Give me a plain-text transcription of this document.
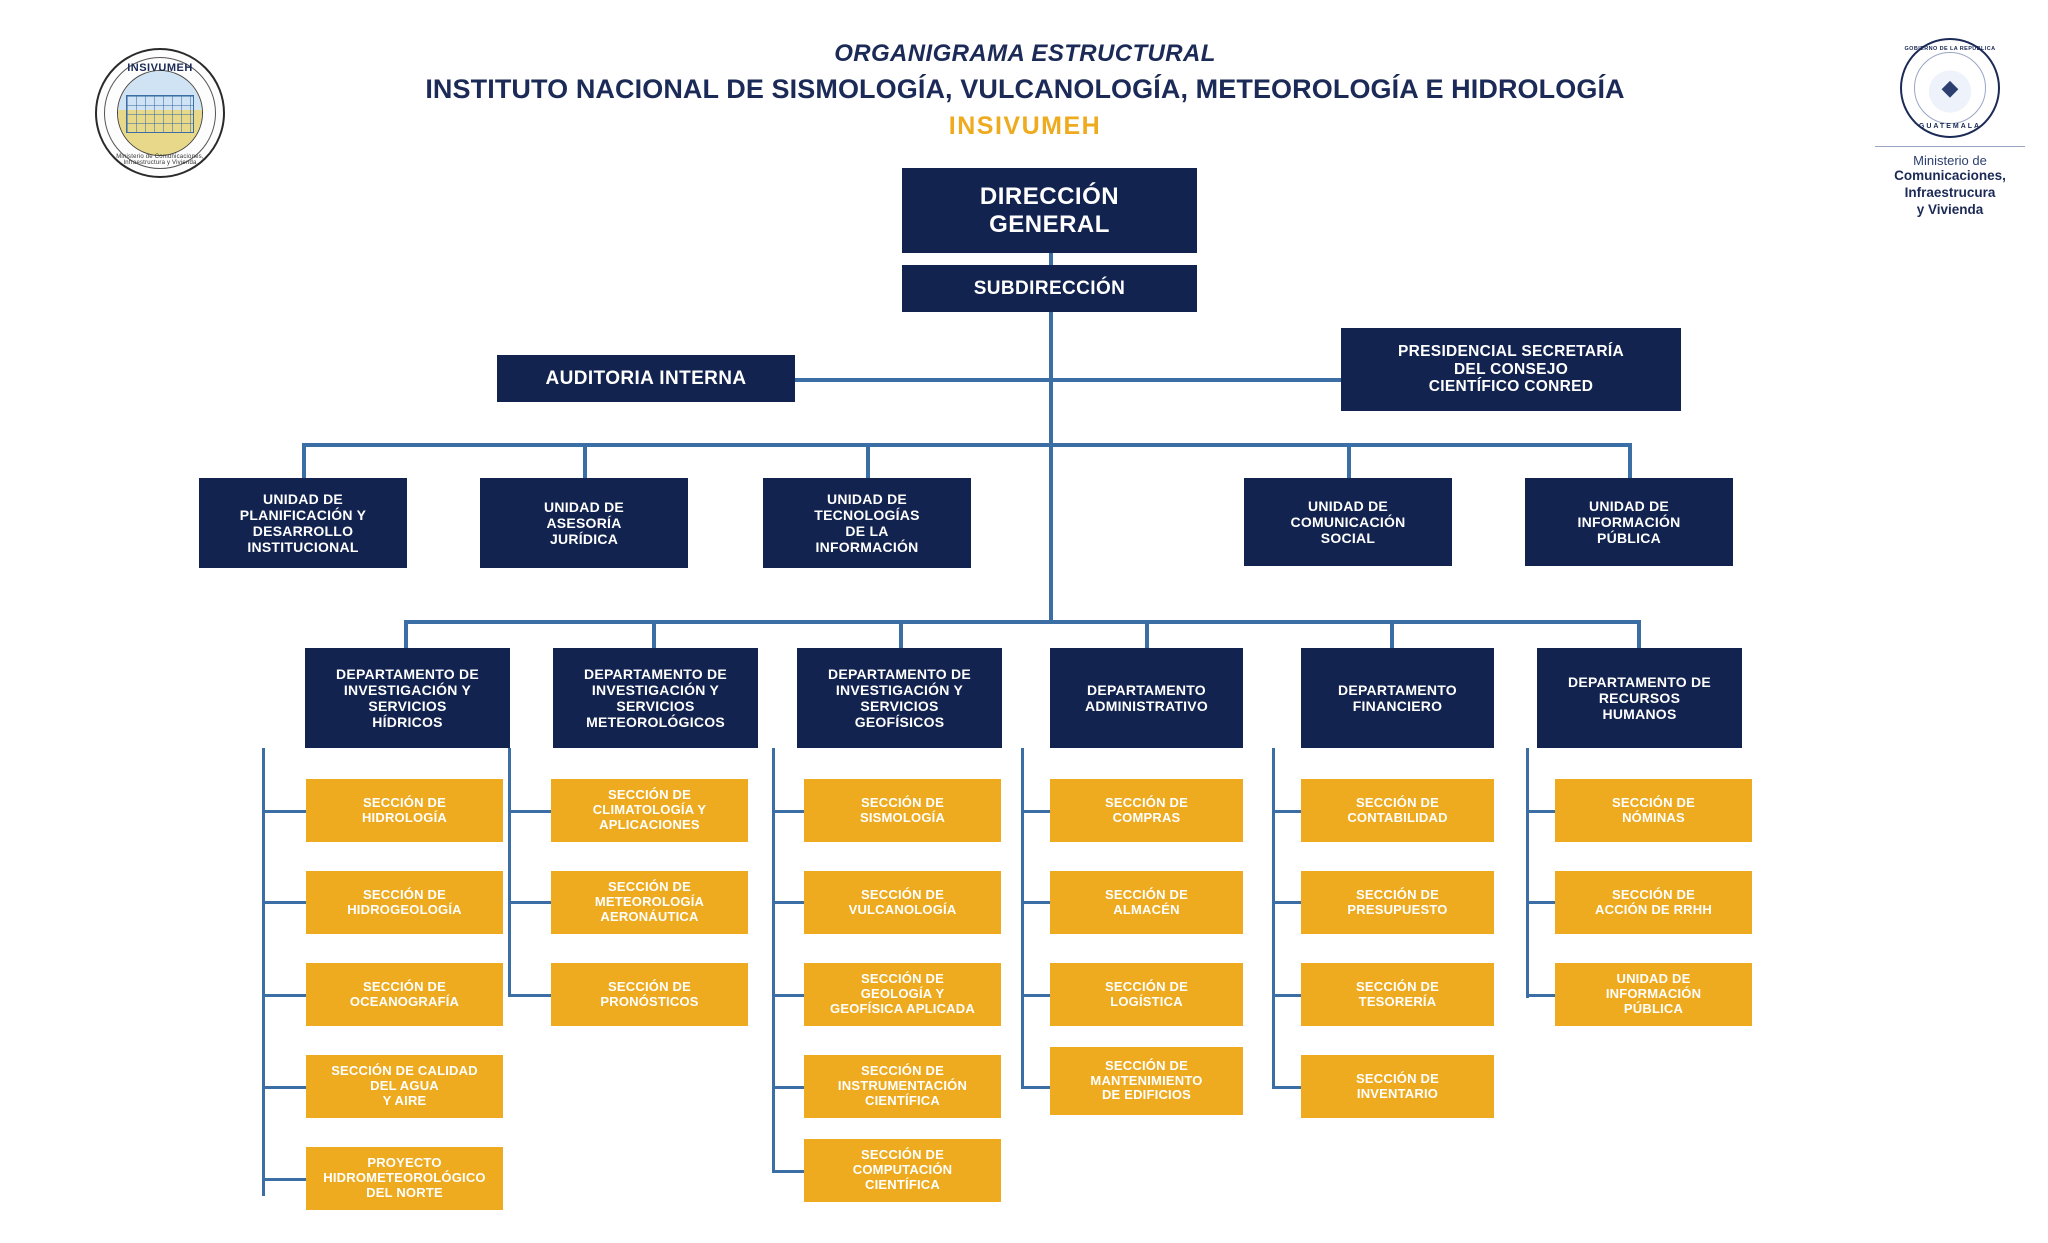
INSIVUMEH
Ministerio de Comunicaciones, Infraestructura y Vivienda
ORGANIGRAMA ESTRUCTURAL
INSTITUTO NACIONAL DE SISMOLOGÍA, VULCANOLOGÍA, METEOROLOGÍA E HIDROLOGÍA
INSIVUMEH
◆
GOBIERNO DE LA REPÚBLICA
GUATEMALA
Ministerio de
Comunicaciones,
Infraestrucura
y Vivienda
DIRECCIÓN
GENERAL
SUBDIRECCIÓN
AUDITORIA INTERNA
PRESIDENCIAL SECRETARÍA
DEL CONSEJO
CIENTÍFICO CONRED
UNIDAD DE
PLANIFICACIÓN Y
DESARROLLO
INSTITUCIONAL
UNIDAD DE
ASESORÍA
JURÍDICA
UNIDAD DE
TECNOLOGÍAS
DE LA
INFORMACIÓN
UNIDAD DE
COMUNICACIÓN
SOCIAL
UNIDAD DE
INFORMACIÓN
PÚBLICA
DEPARTAMENTO DE
INVESTIGACIÓN Y
SERVICIOS
HÍDRICOS
SECCIÓN DE
HIDROLOGÍA
SECCIÓN DE
HIDROGEOLOGÍA
SECCIÓN DE
OCEANOGRAFÍA
SECCIÓN DE CALIDAD
DEL AGUA
Y AIRE
PROYECTO
HIDROMETEOROLÓGICO
DEL NORTE
DEPARTAMENTO DE
INVESTIGACIÓN Y
SERVICIOS
METEOROLÓGICOS
SECCIÓN DE
CLIMATOLOGÍA Y
APLICACIONES
SECCIÓN DE
METEOROLOGÍA
AERONÁUTICA
SECCIÓN DE
PRONÓSTICOS
DEPARTAMENTO DE
INVESTIGACIÓN Y
SERVICIOS
GEOFÍSICOS
SECCIÓN DE
SISMOLOGÍA
SECCIÓN DE
VULCANOLOGÍA
SECCIÓN DE
GEOLOGÍA Y
GEOFÍSICA APLICADA
SECCIÓN DE
INSTRUMENTACIÓN
CIENTÍFICA
SECCIÓN DE
COMPUTACIÓN
CIENTÍFICA
DEPARTAMENTO
ADMINISTRATIVO
SECCIÓN DE
COMPRAS
SECCIÓN DE
ALMACÉN
SECCIÓN DE
LOGÍSTICA
SECCIÓN DE
MANTENIMIENTO
DE EDIFICIOS
DEPARTAMENTO
FINANCIERO
SECCIÓN DE
CONTABILIDAD
SECCIÓN DE
PRESUPUESTO
SECCIÓN DE
TESORERÍA
SECCIÓN DE
INVENTARIO
DEPARTAMENTO DE
RECURSOS
HUMANOS
SECCIÓN DE
NÓMINAS
SECCIÓN DE
ACCIÓN DE RRHH
UNIDAD DE
INFORMACIÓN
PÚBLICA
